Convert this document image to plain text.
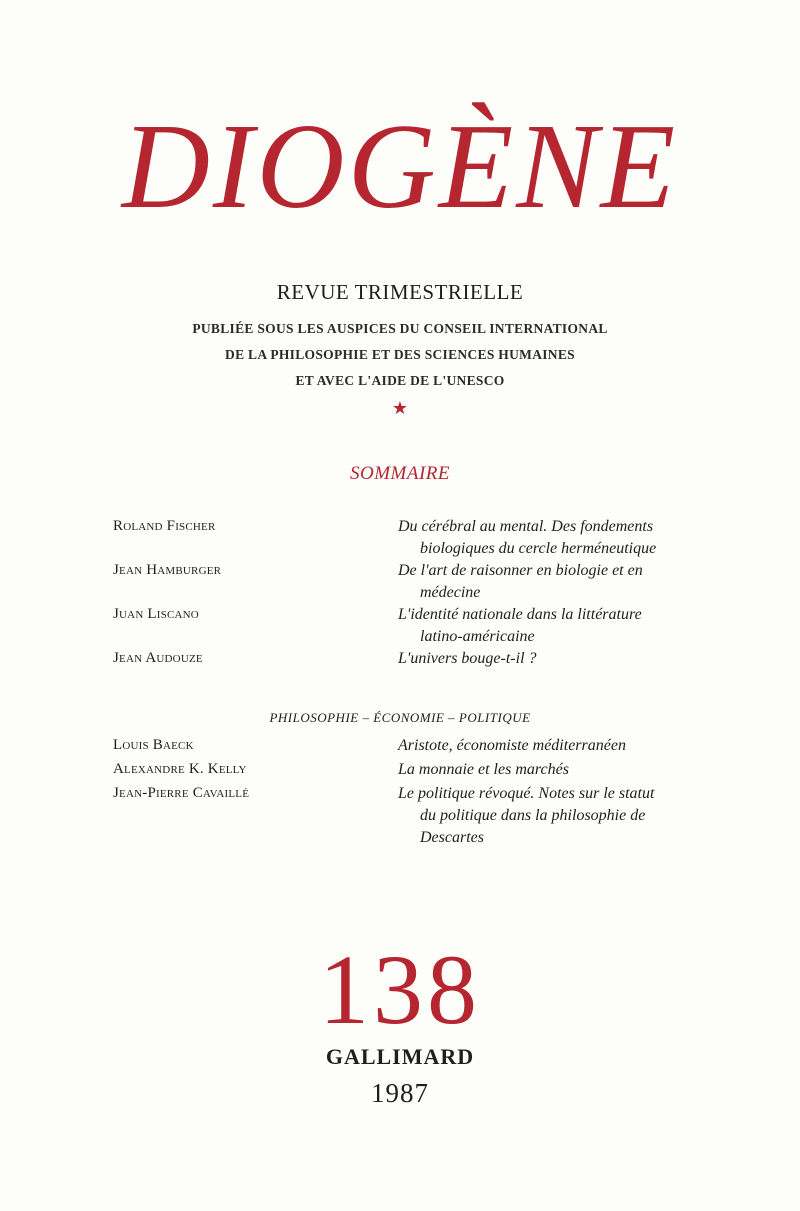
DIOGÈNE
REVUE TRIMESTRIELLE
PUBLIÉE SOUS LES AUSPICES DU CONSEIL INTERNATIONAL
DE LA PHILOSOPHIE ET DES SCIENCES HUMAINES
ET AVEC L'AIDE DE L'UNESCO
★
SOMMAIRE
Roland Fischer	Du cérébral au mental. Des fondements
biologiques du cercle herméneutique
Jean Hamburger	De l'art de raisonner en biologie et en
médecine
Juan Liscano	L'identité nationale dans la littérature
latino-américaine
Jean Audouze	L'univers bouge-t-il ?
PHILOSOPHIE – ÉCONOMIE – POLITIQUE
Louis Baeck	Aristote, économiste méditerranéen
Alexandre K. Kelly	La monnaie et les marchés
Jean-Pierre Cavaillé	Le politique révoqué. Notes sur le statut
du politique dans la philosophie de
Descartes
138
GALLIMARD
1987
